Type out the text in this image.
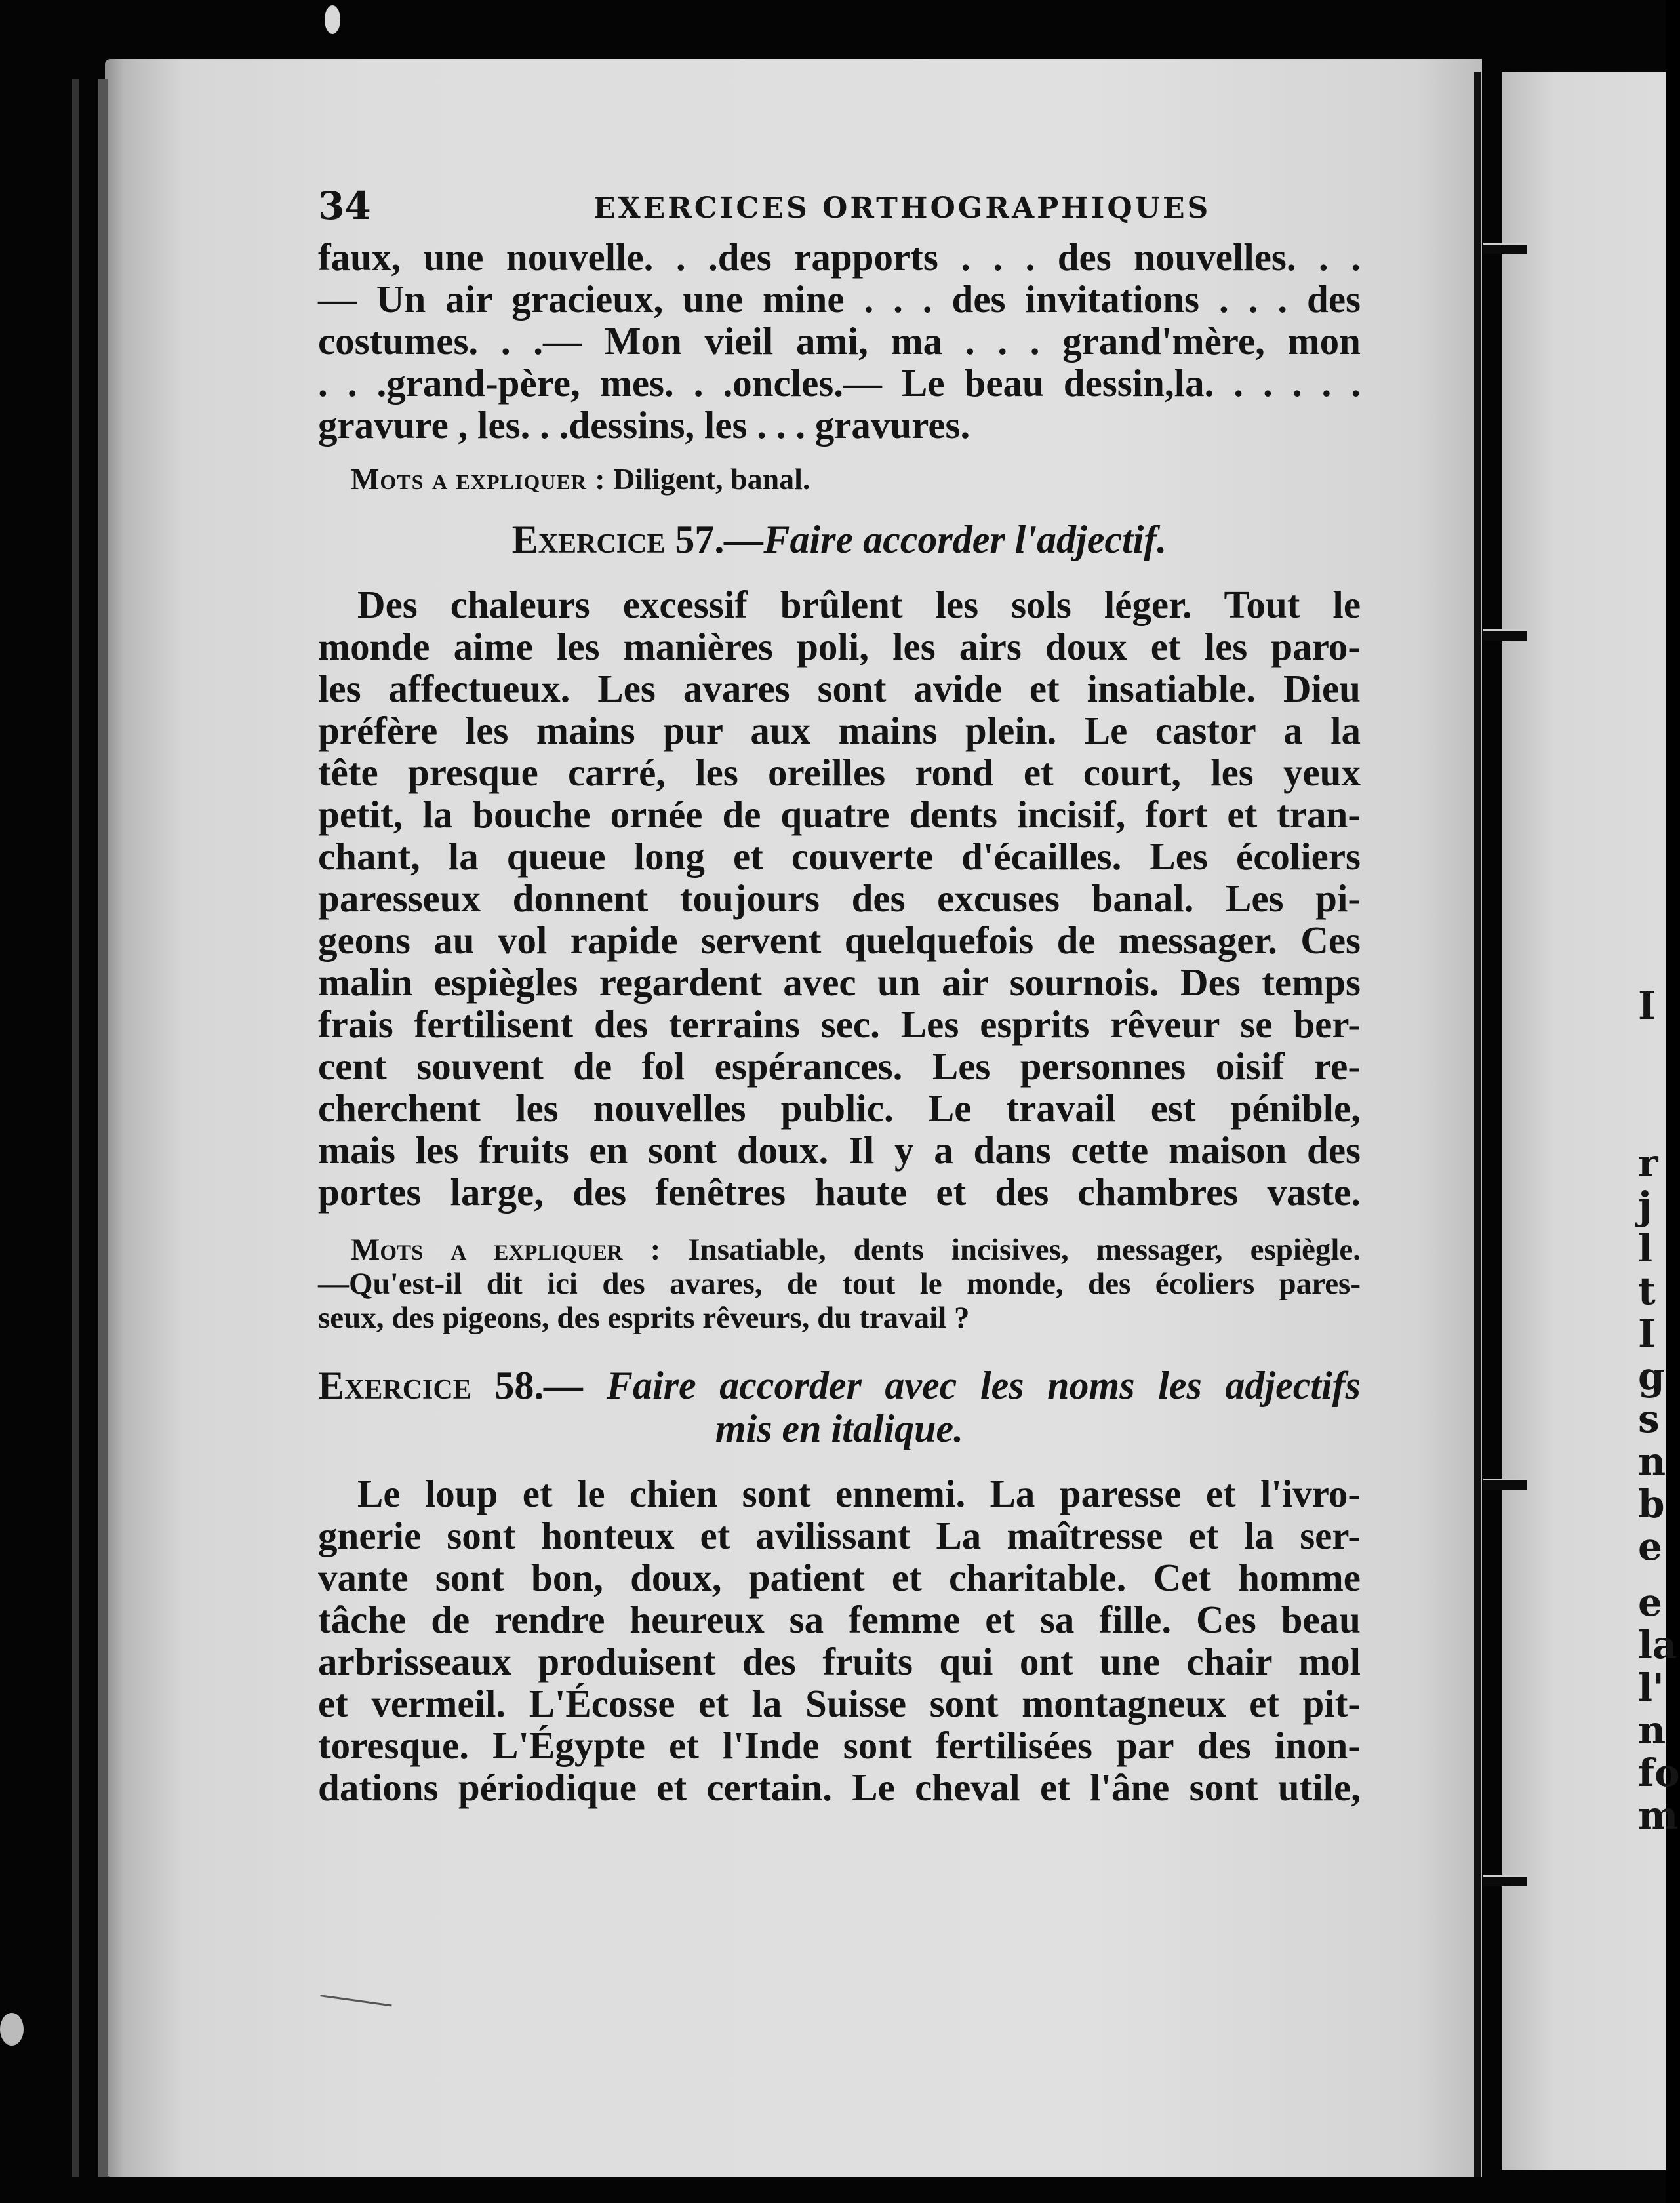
I
r
j
l
t
I
g
s
n
b
e
e
la
l'
n
fo
m
34	EXERCICES ORTHOGRAPHIQUES
faux, une nouvelle. . .des rapports . . . des nouvelles. . .
— Un air gracieux, une mine . . . des invitations . . . des
costumes. . .— Mon vieil ami, ma . . . grand'mère, mon
. . .grand-père, mes. . .oncles.— Le beau dessin,la. . . . . .
gravure , les. . .dessins, les . . . gravures.
Mots a expliquer : Diligent, banal.
Exercice 57.—Faire accorder l'adjectif.
Des chaleurs excessif brûlent les sols léger. Tout le
monde aime les manières poli, les airs doux et les paro-
les affectueux. Les avares sont avide et insatiable. Dieu
préfère les mains pur aux mains plein. Le castor a la
tête presque carré, les oreilles rond et court, les yeux
petit, la bouche ornée de quatre dents incisif, fort et tran-
chant, la queue long et couverte d'écailles. Les écoliers
paresseux donnent toujours des excuses banal. Les pi-
geons au vol rapide servent quelquefois de messager. Ces
malin espiègles regardent avec un air sournois. Des temps
frais fertilisent des terrains sec. Les esprits rêveur se ber-
cent souvent de fol espérances. Les personnes oisif re-
cherchent les nouvelles public. Le travail est pénible,
mais les fruits en sont doux. Il y a dans cette maison des
portes large, des fenêtres haute et des chambres vaste.
Mots a expliquer : Insatiable, dents incisives, messager, espiègle.
—Qu'est-il dit ici des avares, de tout le monde, des écoliers pares-
seux, des pigeons, des esprits rêveurs, du travail ?
Exercice 58.— Faire accorder avec les noms les adjectifs
mis en italique.
Le loup et le chien sont ennemi. La paresse et l'ivro-
gnerie sont honteux et avilissant La maîtresse et la ser-
vante sont bon, doux, patient et charitable. Cet homme
tâche de rendre heureux sa femme et sa fille. Ces beau
arbrisseaux produisent des fruits qui ont une chair mol
et vermeil. L'Écosse et la Suisse sont montagneux et pit-
toresque. L'Égypte et l'Inde sont fertilisées par des inon-
dations périodique et certain. Le cheval et l'âne sont utile,
